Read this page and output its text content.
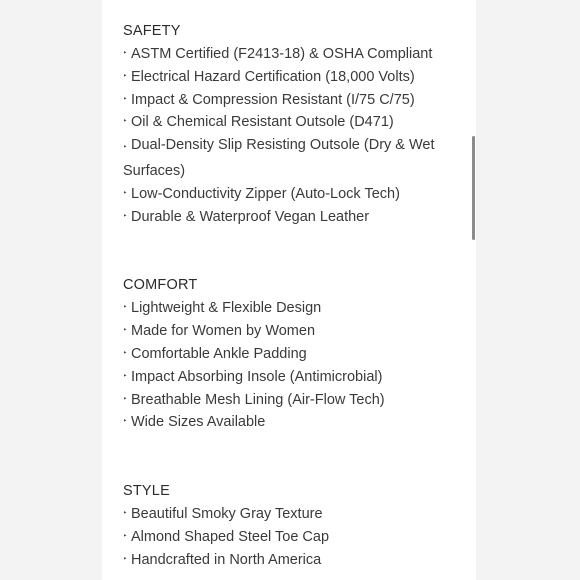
SAFETY
‣ ASTM Certified (F2413-18) & OSHA Compliant
‣ Electrical Hazard Certification (18,000 Volts)
‣ Impact & Compression Resistant (I/75 C/75)
‣ Oil & Chemical Resistant Outsole (D471)
‣ Dual-Density Slip Resisting Outsole (Dry & Wet Surfaces)
‣ Low-Conductivity Zipper (Auto-Lock Tech)
‣ Durable & Waterproof Vegan Leather
COMFORT
‣ Lightweight & Flexible Design
‣ Made for Women by Women
‣ Comfortable Ankle Padding
‣ Impact Absorbing Insole (Antimicrobial)
‣ Breathable Mesh Lining (Air-Flow Tech)
‣ Wide Sizes Available
STYLE
‣ Beautiful Smoky Gray Texture
‣ Almond Shaped Steel Toe Cap
‣ Handcrafted in North America
